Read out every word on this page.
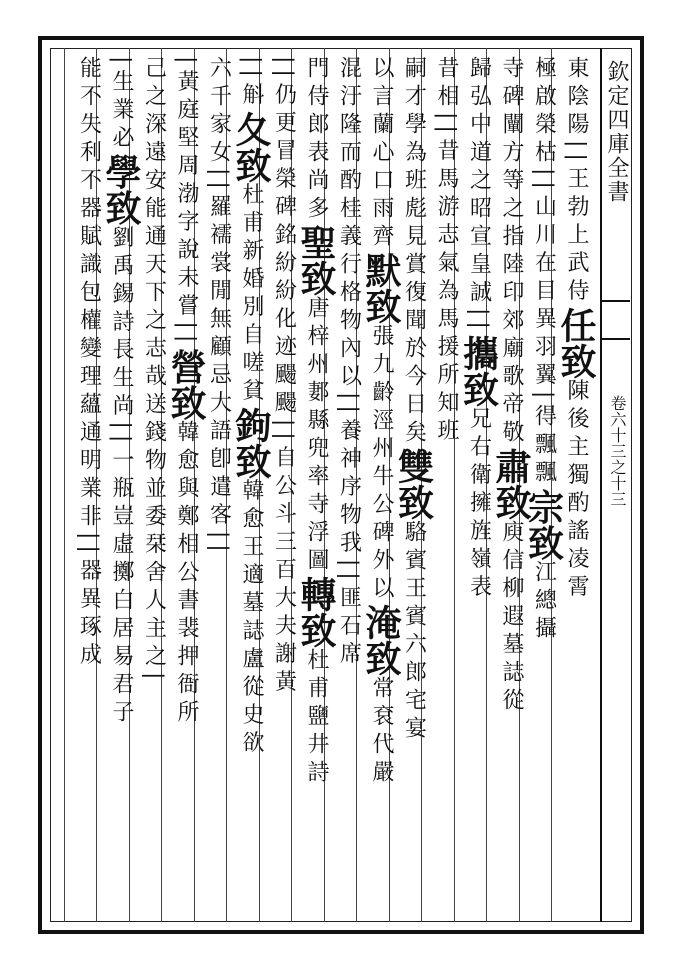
欽定四庫全書
卷六十三之十三
東陰陽||王勃上武侍任致陳後主獨酌謠凌霄
極啟榮枯||山川在目異羽翼|得飄飄宗致江總攝
寺碑闡方等之指陸印郊廟歌帝敬肅致庾信柳遐墓誌從
歸弘中道之昭宣皇誠||攜致兄右衛擁旌嶺表
昔相||昔馬游志氣為馬援所知班
嗣才學為班彪見賞復聞於今日矣雙致駱賓王賓六郎宅宴
以言蘭心口雨齊默致張九齡涇州牛公碑外以淹致常袞代嚴
混汙隆而酌桂義行格物內以||養神序物我||匪石席
門侍郎表尚多聖致唐梓州郪縣兜率寺浮圖轉致杜甫鹽井詩
||仍更冒榮碑銘紛紛化迹颺颺||自公斗三百大夫謝黃
||斛夂致杜甫新婚別自嗟貧鉤致韓愈王適墓誌盧從史欲
六千家女||羅襦裳閒無顧忌大語卽遣客||
|黃庭堅周渤字說未嘗||營致韓愈與鄭相公書裴押衙所
己之深遠安能通天下之志哉送錢物並委栞舍人主之|
|生業必學致劉禹錫詩長生尚||一瓶豈虛擲白居易君子
能不失利不器賦識包權變理蘊通明業非||器異琢成
